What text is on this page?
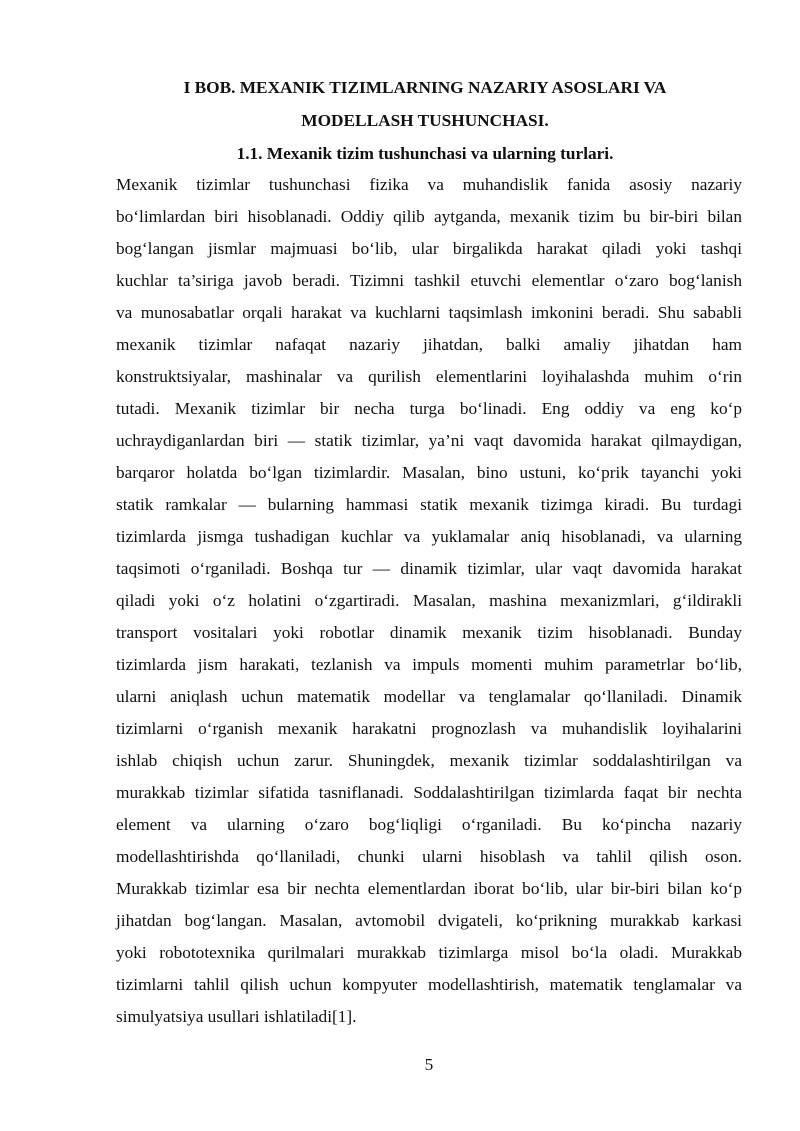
I BOB. MEXANIK TIZIMLARNING NAZARIY ASOSLARI VA
MODELLASH TUSHUNCHASI.
1.1. Mexanik tizim tushunchasi va ularning turlari.
Mexanik tizimlar tushunchasi fizika va muhandislik fanida asosiy nazariy
bo‘limlardan biri hisoblanadi. Oddiy qilib aytganda, mexanik tizim bu bir-biri bilan
bog‘langan jismlar majmuasi bo‘lib, ular birgalikda harakat qiladi yoki tashqi
kuchlar ta’siriga javob beradi. Tizimni tashkil etuvchi elementlar o‘zaro bog‘lanish
va munosabatlar orqali harakat va kuchlarni taqsimlash imkonini beradi. Shu sababli
mexanik tizimlar nafaqat nazariy jihatdan, balki amaliy jihatdan ham
konstruktsiyalar, mashinalar va qurilish elementlarini loyihalashda muhim o‘rin
tutadi. Mexanik tizimlar bir necha turga bo‘linadi. Eng oddiy va eng ko‘p
uchraydiganlardan biri — statik tizimlar, ya’ni vaqt davomida harakat qilmaydigan,
barqaror holatda bo‘lgan tizimlardir. Masalan, bino ustuni, ko‘prik tayanchi yoki
statik ramkalar — bularning hammasi statik mexanik tizimga kiradi. Bu turdagi
tizimlarda jismga tushadigan kuchlar va yuklamalar aniq hisoblanadi, va ularning
taqsimoti o‘rganiladi. Boshqa tur — dinamik tizimlar, ular vaqt davomida harakat
qiladi yoki o‘z holatini o‘zgartiradi. Masalan, mashina mexanizmlari, g‘ildirakli
transport vositalari yoki robotlar dinamik mexanik tizim hisoblanadi. Bunday
tizimlarda jism harakati, tezlanish va impuls momenti muhim parametrlar bo‘lib,
ularni aniqlash uchun matematik modellar va tenglamalar qo‘llaniladi. Dinamik
tizimlarni o‘rganish mexanik harakatni prognozlash va muhandislik loyihalarini
ishlab chiqish uchun zarur. Shuningdek, mexanik tizimlar soddalashtirilgan va
murakkab tizimlar sifatida tasniflanadi. Soddalashtirilgan tizimlarda faqat bir nechta
element va ularning o‘zaro bog‘liqligi o‘rganiladi. Bu ko‘pincha nazariy
modellashtirishda qo‘llaniladi, chunki ularni hisoblash va tahlil qilish oson.
Murakkab tizimlar esa bir nechta elementlardan iborat bo‘lib, ular bir-biri bilan ko‘p
jihatdan bog‘langan. Masalan, avtomobil dvigateli, ko‘prikning murakkab karkasi
yoki robototexnika qurilmalari murakkab tizimlarga misol bo‘la oladi. Murakkab
tizimlarni tahlil qilish uchun kompyuter modellashtirish, matematik tenglamalar va
simulyatsiya usullari ishlatiladi[1].
5
